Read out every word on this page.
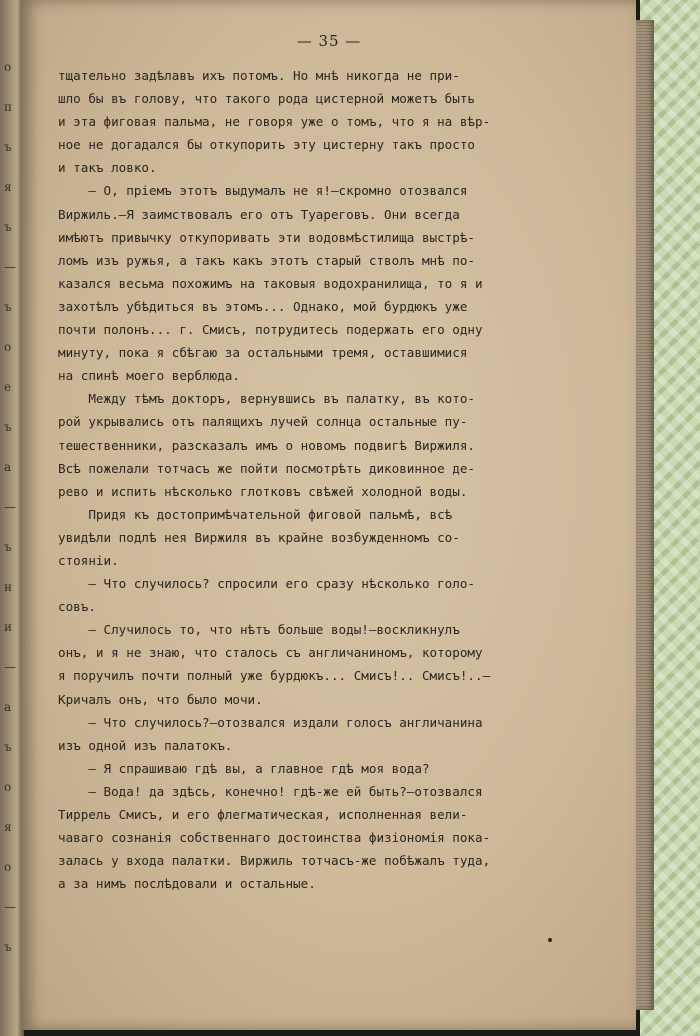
о
п
ъ
я
ъ
—
ъ
о
е
ъ
а
—
ъ
н
и
—
а
ъ
о
я
о
—
ъ
— 35 —
тщательно задѣлавъ ихъ потомъ. Но мнѣ никогда не при-
шло бы въ голову, что такого рода цистерной можетъ быть
и эта фиговая пальма, не говоря уже о томъ, что я на вѣр-
ное не догадался бы откупорить эту цистерну такъ просто
и такъ ловко.
— О, пріемъ этотъ выдумалъ не я!—скромно отозвался
Виржиль.—Я заимствовалъ его отъ Туареговъ. Они всегда
имѣютъ привычку откупоривать эти водовмѣстилища выстрѣ-
ломъ изъ ружья, а такъ какъ этотъ старый стволъ мнѣ по-
казался весьма похожимъ на таковыя водохранилища, то я и
захотѣлъ убѣдиться въ этомъ... Однако, мой бурдюкъ уже
почти полонъ... г. Смисъ, потрудитесь подержать его одну
минуту, пока я сбѣгаю за остальными тремя, оставшимися
на спинѣ моего верблюда.
Между тѣмъ докторъ, вернувшись въ палатку, въ кото-
рой укрывались отъ палящихъ лучей солнца остальные пу-
тешественники, разсказалъ имъ о новомъ подвигѣ Виржиля.
Всѣ пожелали тотчасъ же пойти посмотрѣть диковинное де-
рево и испить нѣсколько глотковъ свѣжей холодной воды.
Придя къ достопримѣчательной фиговой пальмѣ, всѣ
увидѣли подлѣ нея Виржиля въ крайне возбужденномъ со-
стояніи.
— Что случилось? спросили его сразу нѣсколько голо-
совъ.
— Случилось то, что нѣтъ больше воды!—воскликнулъ
онъ, и я не знаю, что сталось съ англичаниномъ, которому
я поручилъ почти полный уже бурдюкъ... Смисъ!.. Смисъ!..—
Кричалъ онъ, что было мочи.
— Что случилось?—отозвался издали голосъ англичанина
изъ одной изъ палатокъ.
— Я спрашиваю гдѣ вы, а главное гдѣ моя вода?
— Вода! да здѣсь, конечно! гдѣ-же ей быть?—отозвался
Тиррель Смисъ, и его флегматическая, исполненная вели-
чаваго сознанія собственнаго достоинства физіономія пока-
залась у входа палатки. Виржиль тотчасъ-же побѣжалъ туда,
а за нимъ послѣдовали и остальные.
